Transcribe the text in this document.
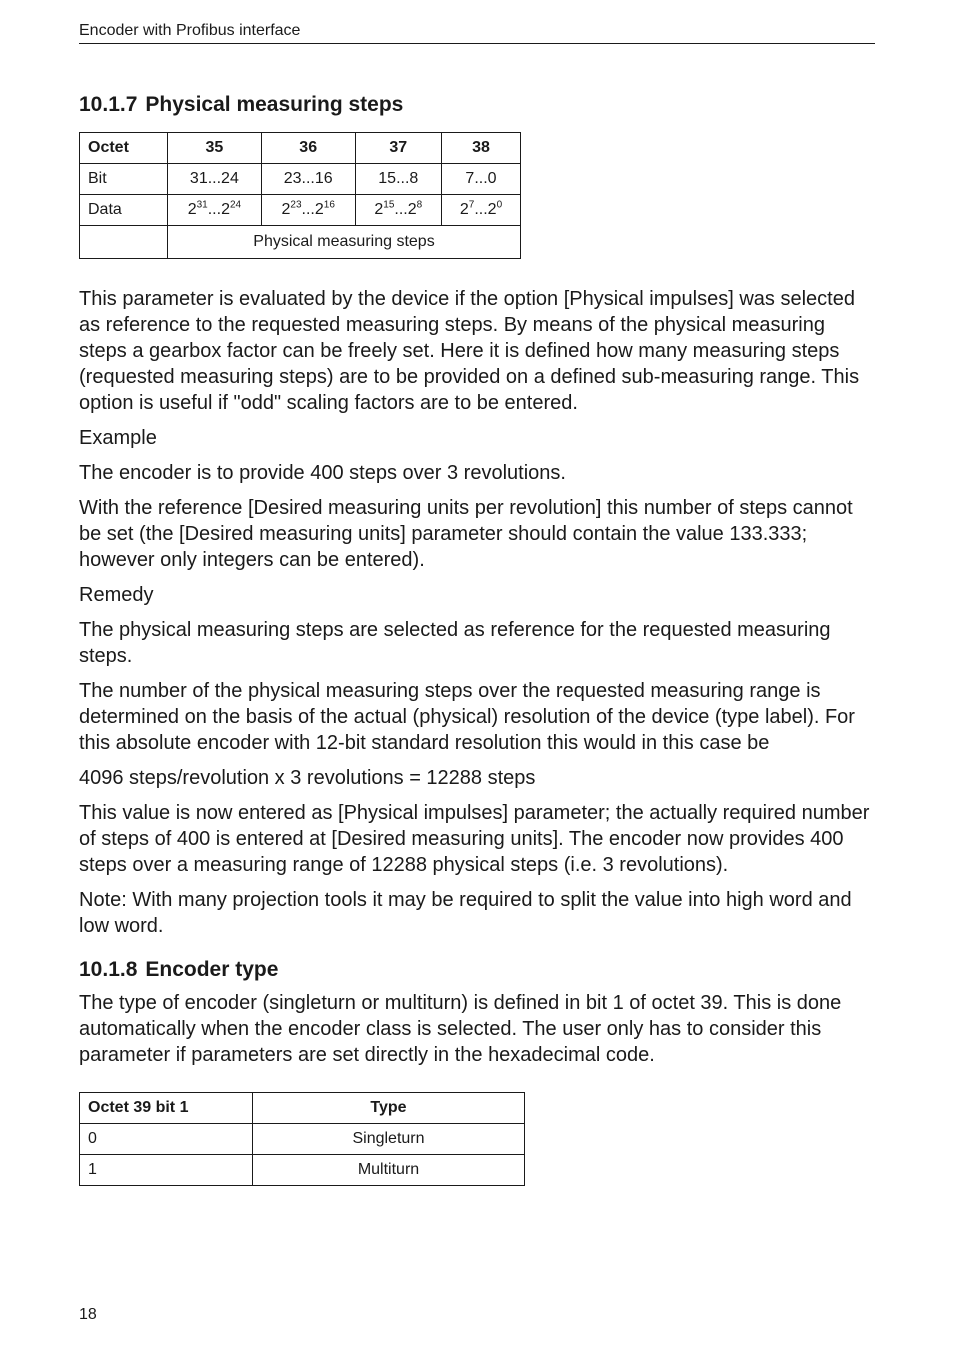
Encoder with Profibus interface
10.1.7 Physical measuring steps
Octet	35	36	37	38
Bit	31...24	23...16	15...8	7...0
Data	$2^{31}...2^{24}$	$2^{23}...2^{16}$	$2^{15}...2^8$	$2^7...2^0$
	Physical measuring steps			

This parameter is evaluated by the device if the option [Physical impulses] was selected as reference to the requested measuring steps. By means of the physical measuring steps a gearbox factor can be freely set. Here it is defined how many measuring steps (requested measuring steps) are to be provided on a defined sub-measuring range. This option is useful if "odd" scaling factors are to be entered.

Example

The encoder is to provide 400 steps over 3 revolutions.

With the reference [Desired measuring units per revolution] this number of steps cannot be set (the [Desired measuring units] parameter should contain the value 133.333; however only integers can be entered).

Remedy

The physical measuring steps are selected as reference for the requested measuring steps.

The number of the physical measuring steps over the requested measuring range is determined on the basis of the actual (physical) resolution of the device (type label). For this absolute encoder with 12-bit standard resolution this would in this case be

4096 steps/revolution x 3 revolutions = 12288 steps

This value is now entered as [Physical impulses] parameter; the actually required number of steps of 400 is entered at [Desired measuring units]. The encoder now provides 400 steps over a measuring range of 12288 physical steps (i.e. 3 revolutions).

Note: With many projection tools it may be required to split the value into high word and low word.

10.1.8 Encoder type

The type of encoder (singleturn or multiturn) is defined in bit 1 of octet 39. This is done automatically when the encoder class is selected. The user only has to consider this parameter if parameters are set directly in the hexadecimal code.

Octet 39 bit 1	Type
0	Singleturn
1	Multiturn
18
